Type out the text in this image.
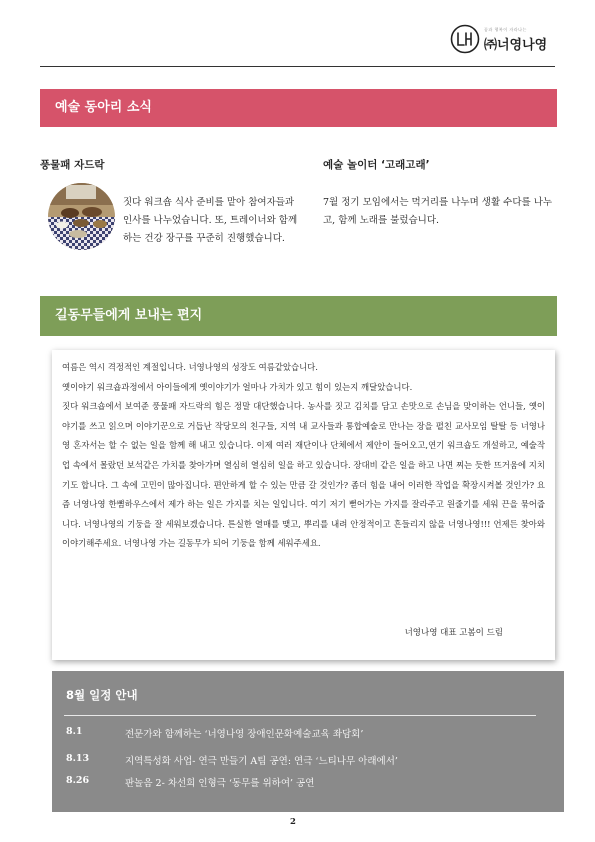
꿈과 행복이 자라나는
㈜너영나영
예술 동아리 소식
풍물패 자드락	예술 놀이터 ‘고래고래’
짓다 워크숍 식사 준비를 맡아 참여자들과 인사를 나누었습니다. 또, 트레이너와 함께하는 건강 장구를 꾸준히 진행했습니다.
7월 정기 모임에서는 먹거리를 나누며 생활 수다를 나누고, 함께 노래를 불렀습니다.
길동무들에게 보내는 편지

여름은 역시 격정적인 계절입니다. 너영나영의 성장도 여름같았습니다.
옛이야기 워크숍과정에서 아이들에게 옛이야기가 얼마나 가치가 있고 힘이 있는지 깨달았습니다.
짓다 워크숍에서 보여준 풍물패 자드락의 힘은 정말 대단했습니다. 농사를 짓고 김치를 담고 손맛으로 손님을 맞이하는 언니들, 옛이야기를 쓰고 읽으며 이야기꾼으로 거듭난 작당모의 친구들, 지역 내 교사들과 통합예술로 만나는 장을 펼친 교사모임 탈탈 등 너영나영 혼자서는 할 수 없는 일을 함께 해 내고 있습니다. 이제 여러 재단이나 단체에서 제안이 들어오고,연기 워크숍도 개설하고, 예술작업 속에서 몰랐던 보석같은 가치를 찾아가며 열심히 열심히 일을 하고 있습니다. 장대비 같은 일을 하고 나면 찌는 듯한 뜨거움에 지치기도 합니다. 그 속에 고민이 많아집니다. 편안하게 할 수 있는 만큼 갈 것인가? 좀더 힘을 내어 이러한 작업을 확장시켜볼 것인가? 요즘 너영나영 한뼘하우스에서 제가 하는 일은 가지를 치는 일입니다. 여기 저기 뻗어가는 가지를 잘라주고 원줄기를 세워 끈을 묶어줍니다. 너영나영의 기둥을 잘 세워보겠습니다. 튼실한 열매를 맺고, 뿌리를 내려 안정적이고 흔들리지 않을 너영나영!!! 언제든 찾아와 이야기해주세요. 너영나영 가는 길동무가 되어 기둥을 함께 세워주세요.

너영나영 대표 고봄이 드림
8월 일정 안내
8.1	전문가와 함께하는 ‘너영나영 장애인문화예술교육 좌담회’
8.13	지역특성화 사업- 연극 만들기 A팀 공연: 연극 ‘느티나무 아래에서’
8.26	판놀음 2- 차선희 인형극 ‘동무를 위하여’ 공연
2
